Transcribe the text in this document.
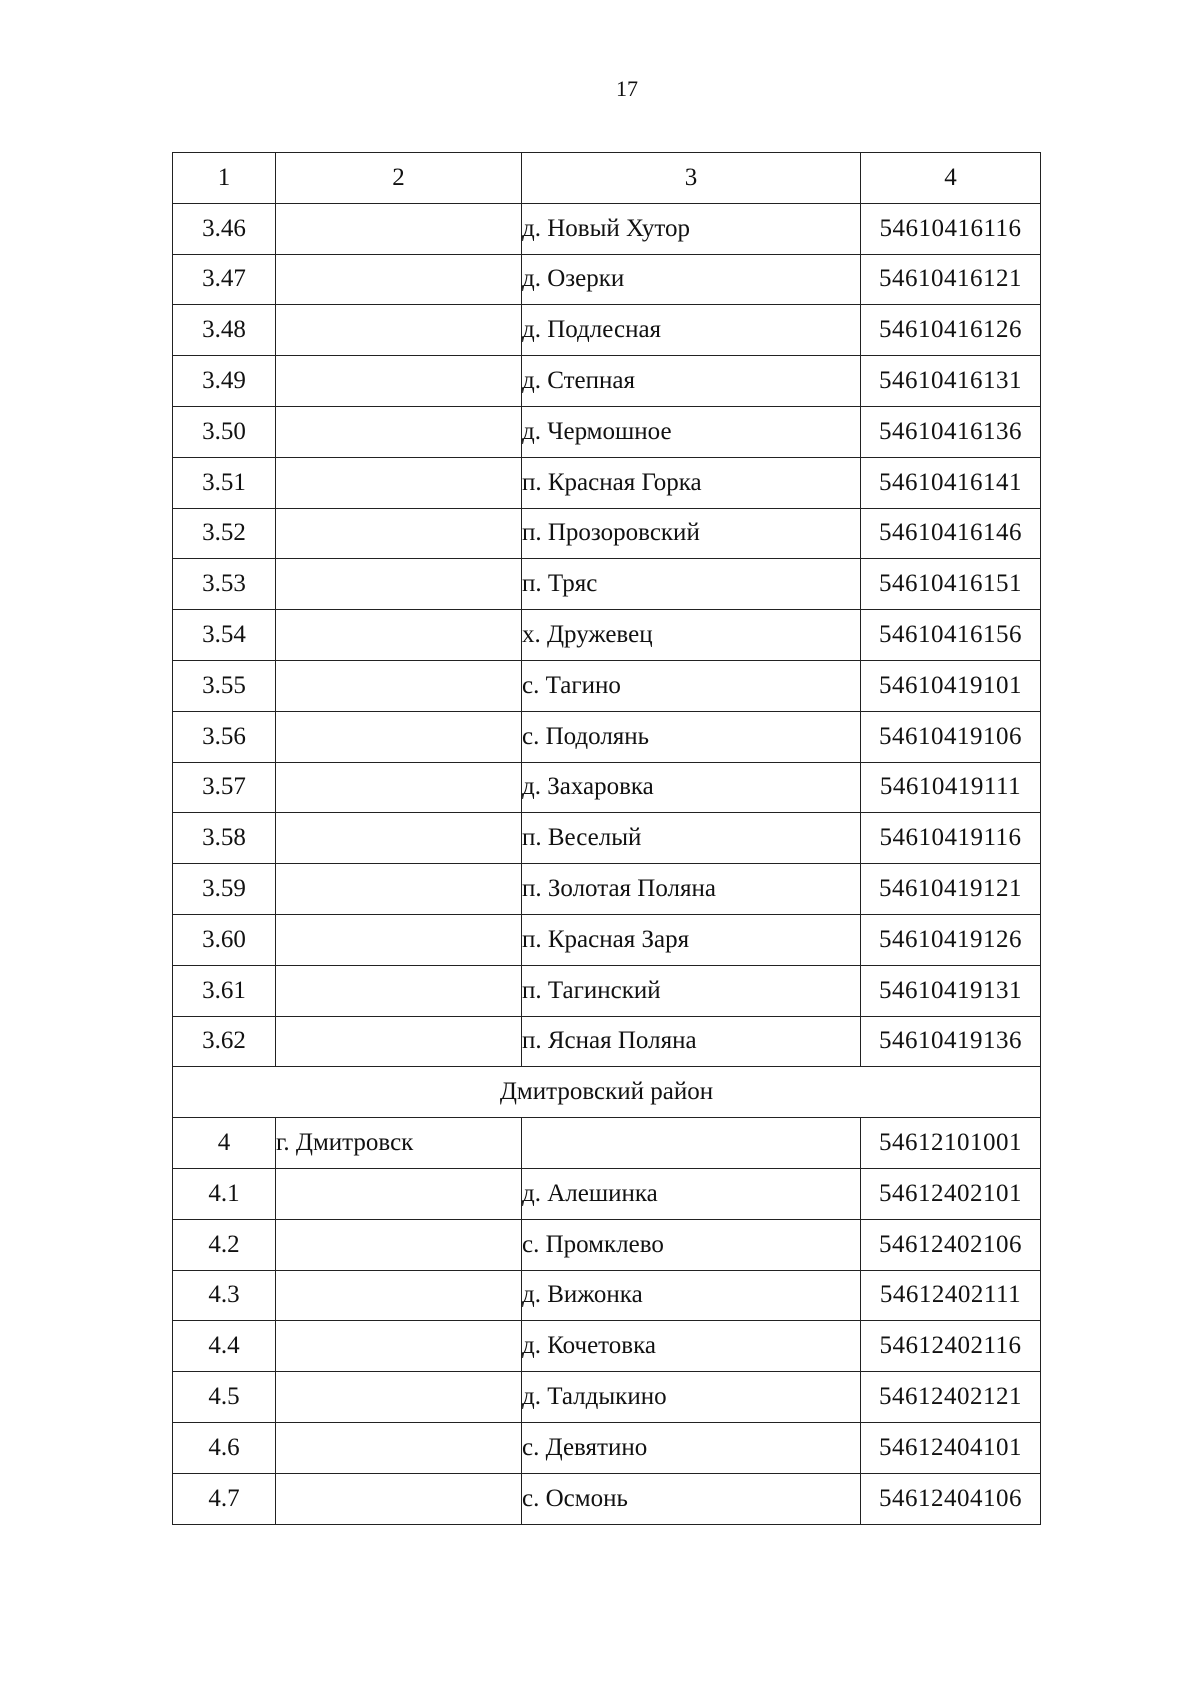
17
1	2	3	4
3.46		д. Новый Хутор	54610416116
3.47		д. Озерки	54610416121
3.48		д. Подлесная	54610416126
3.49		д. Степная	54610416131
3.50		д. Чермошное	54610416136
3.51		п. Красная Горка	54610416141
3.52		п. Прозоровский	54610416146
3.53		п. Тряс	54610416151
3.54		х. Дружевец	54610416156
3.55		с. Тагино	54610419101
3.56		с. Подолянь	54610419106
3.57		д. Захаровка	54610419111
3.58		п. Веселый	54610419116
3.59		п. Золотая Поляна	54610419121
3.60		п. Красная Заря	54610419126
3.61		п. Тагинский	54610419131
3.62		п. Ясная Поляна	54610419136
Дмитровский район			
4	г. Дмитровск		54612101001
4.1		д. Алешинка	54612402101
4.2		с. Промклево	54612402106
4.3		д. Вижонка	54612402111
4.4		д. Кочетовка	54612402116
4.5		д. Талдыкино	54612402121
4.6		с. Девятино	54612404101
4.7		с. Осмонь	54612404106
